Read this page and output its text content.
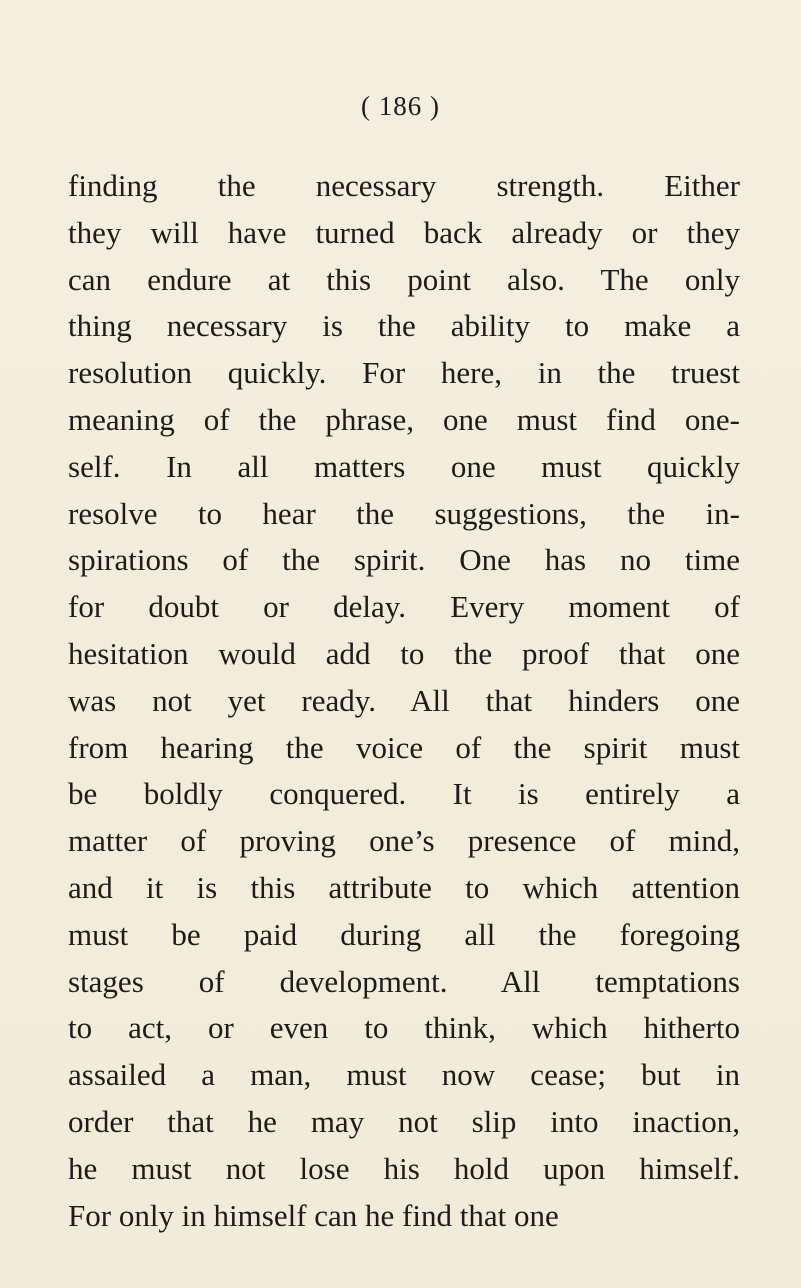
( 186 )
finding the necessary strength. Either
they will have turned back already or they
can endure at this point also. The only
thing necessary is the ability to make a
resolution quickly. For here, in the truest
meaning of the phrase, one must find one-
self. In all matters one must quickly
resolve to hear the suggestions, the in-
spirations of the spirit. One has no time
for doubt or delay. Every moment of
hesitation would add to the proof that one
was not yet ready. All that hinders one
from hearing the voice of the spirit must
be boldly conquered. It is entirely a
matter of proving one’s presence of mind,
and it is this attribute to which attention
must be paid during all the foregoing
stages of development. All temptations
to act, or even to think, which hitherto
assailed a man, must now cease; but in
order that he may not slip into inaction,
he must not lose his hold upon himself.
For only in himself can he find that one
